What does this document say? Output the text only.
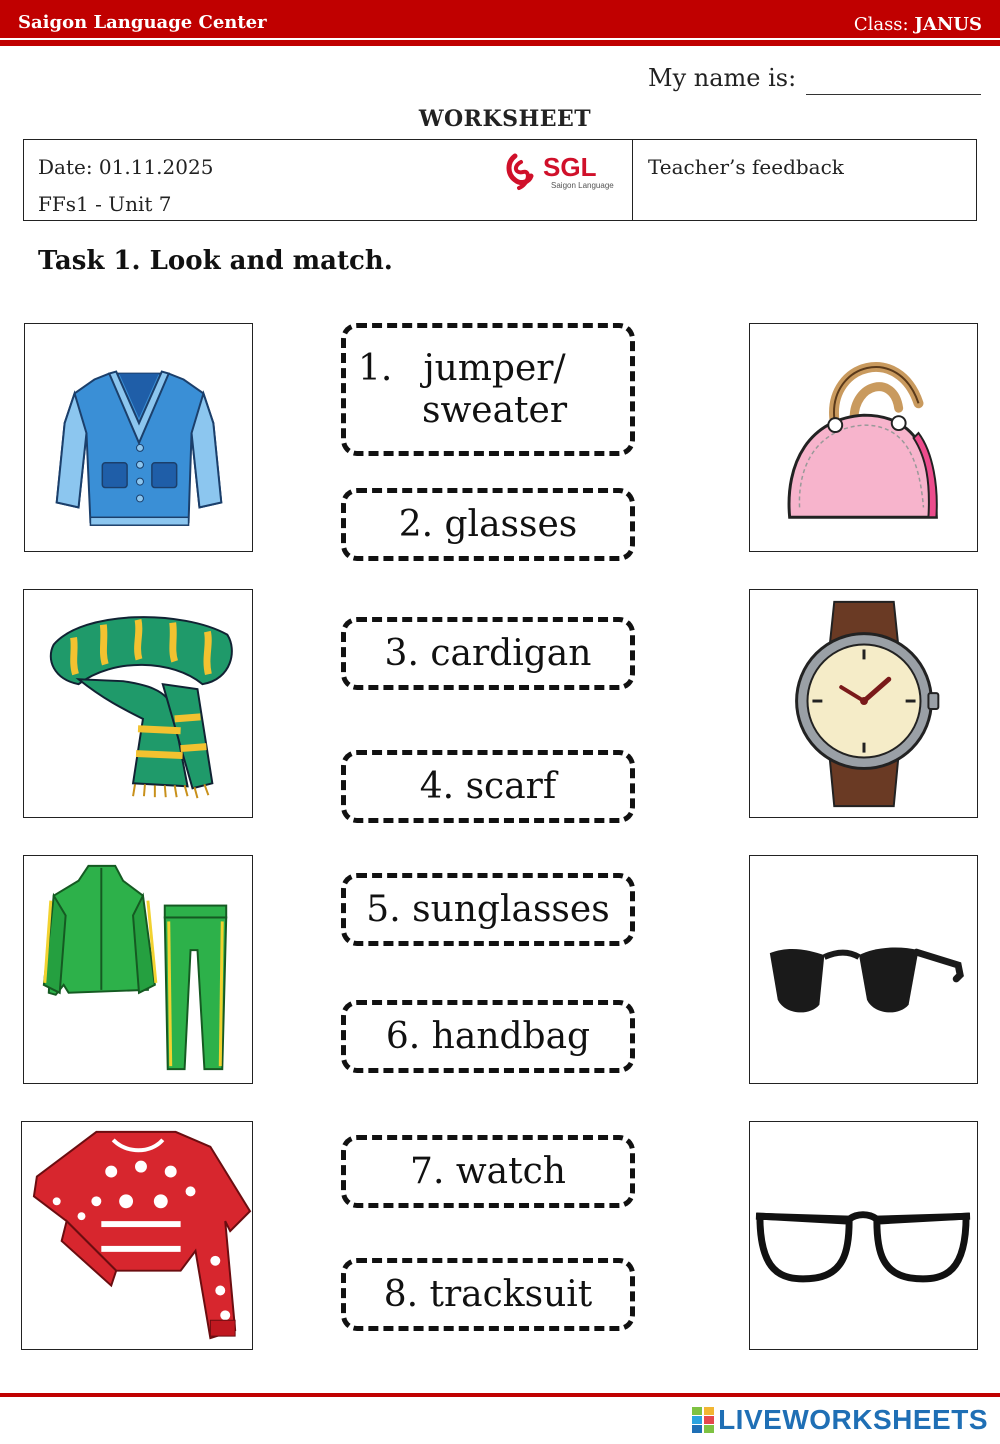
Saigon Language Center	Class: JANUS
My name is:
WORKSHEET
Date: 01.11.2025
FFs1 - Unit 7
Teacher’s feedback
SGL
Saigon Language
Task 1. Look and match.
1. jumper/
sweater
2. glasses
3. cardigan
4. scarf
5. sunglasses
6. handbag
7. watch
8. tracksuit
LIVEWORKSHEETS
